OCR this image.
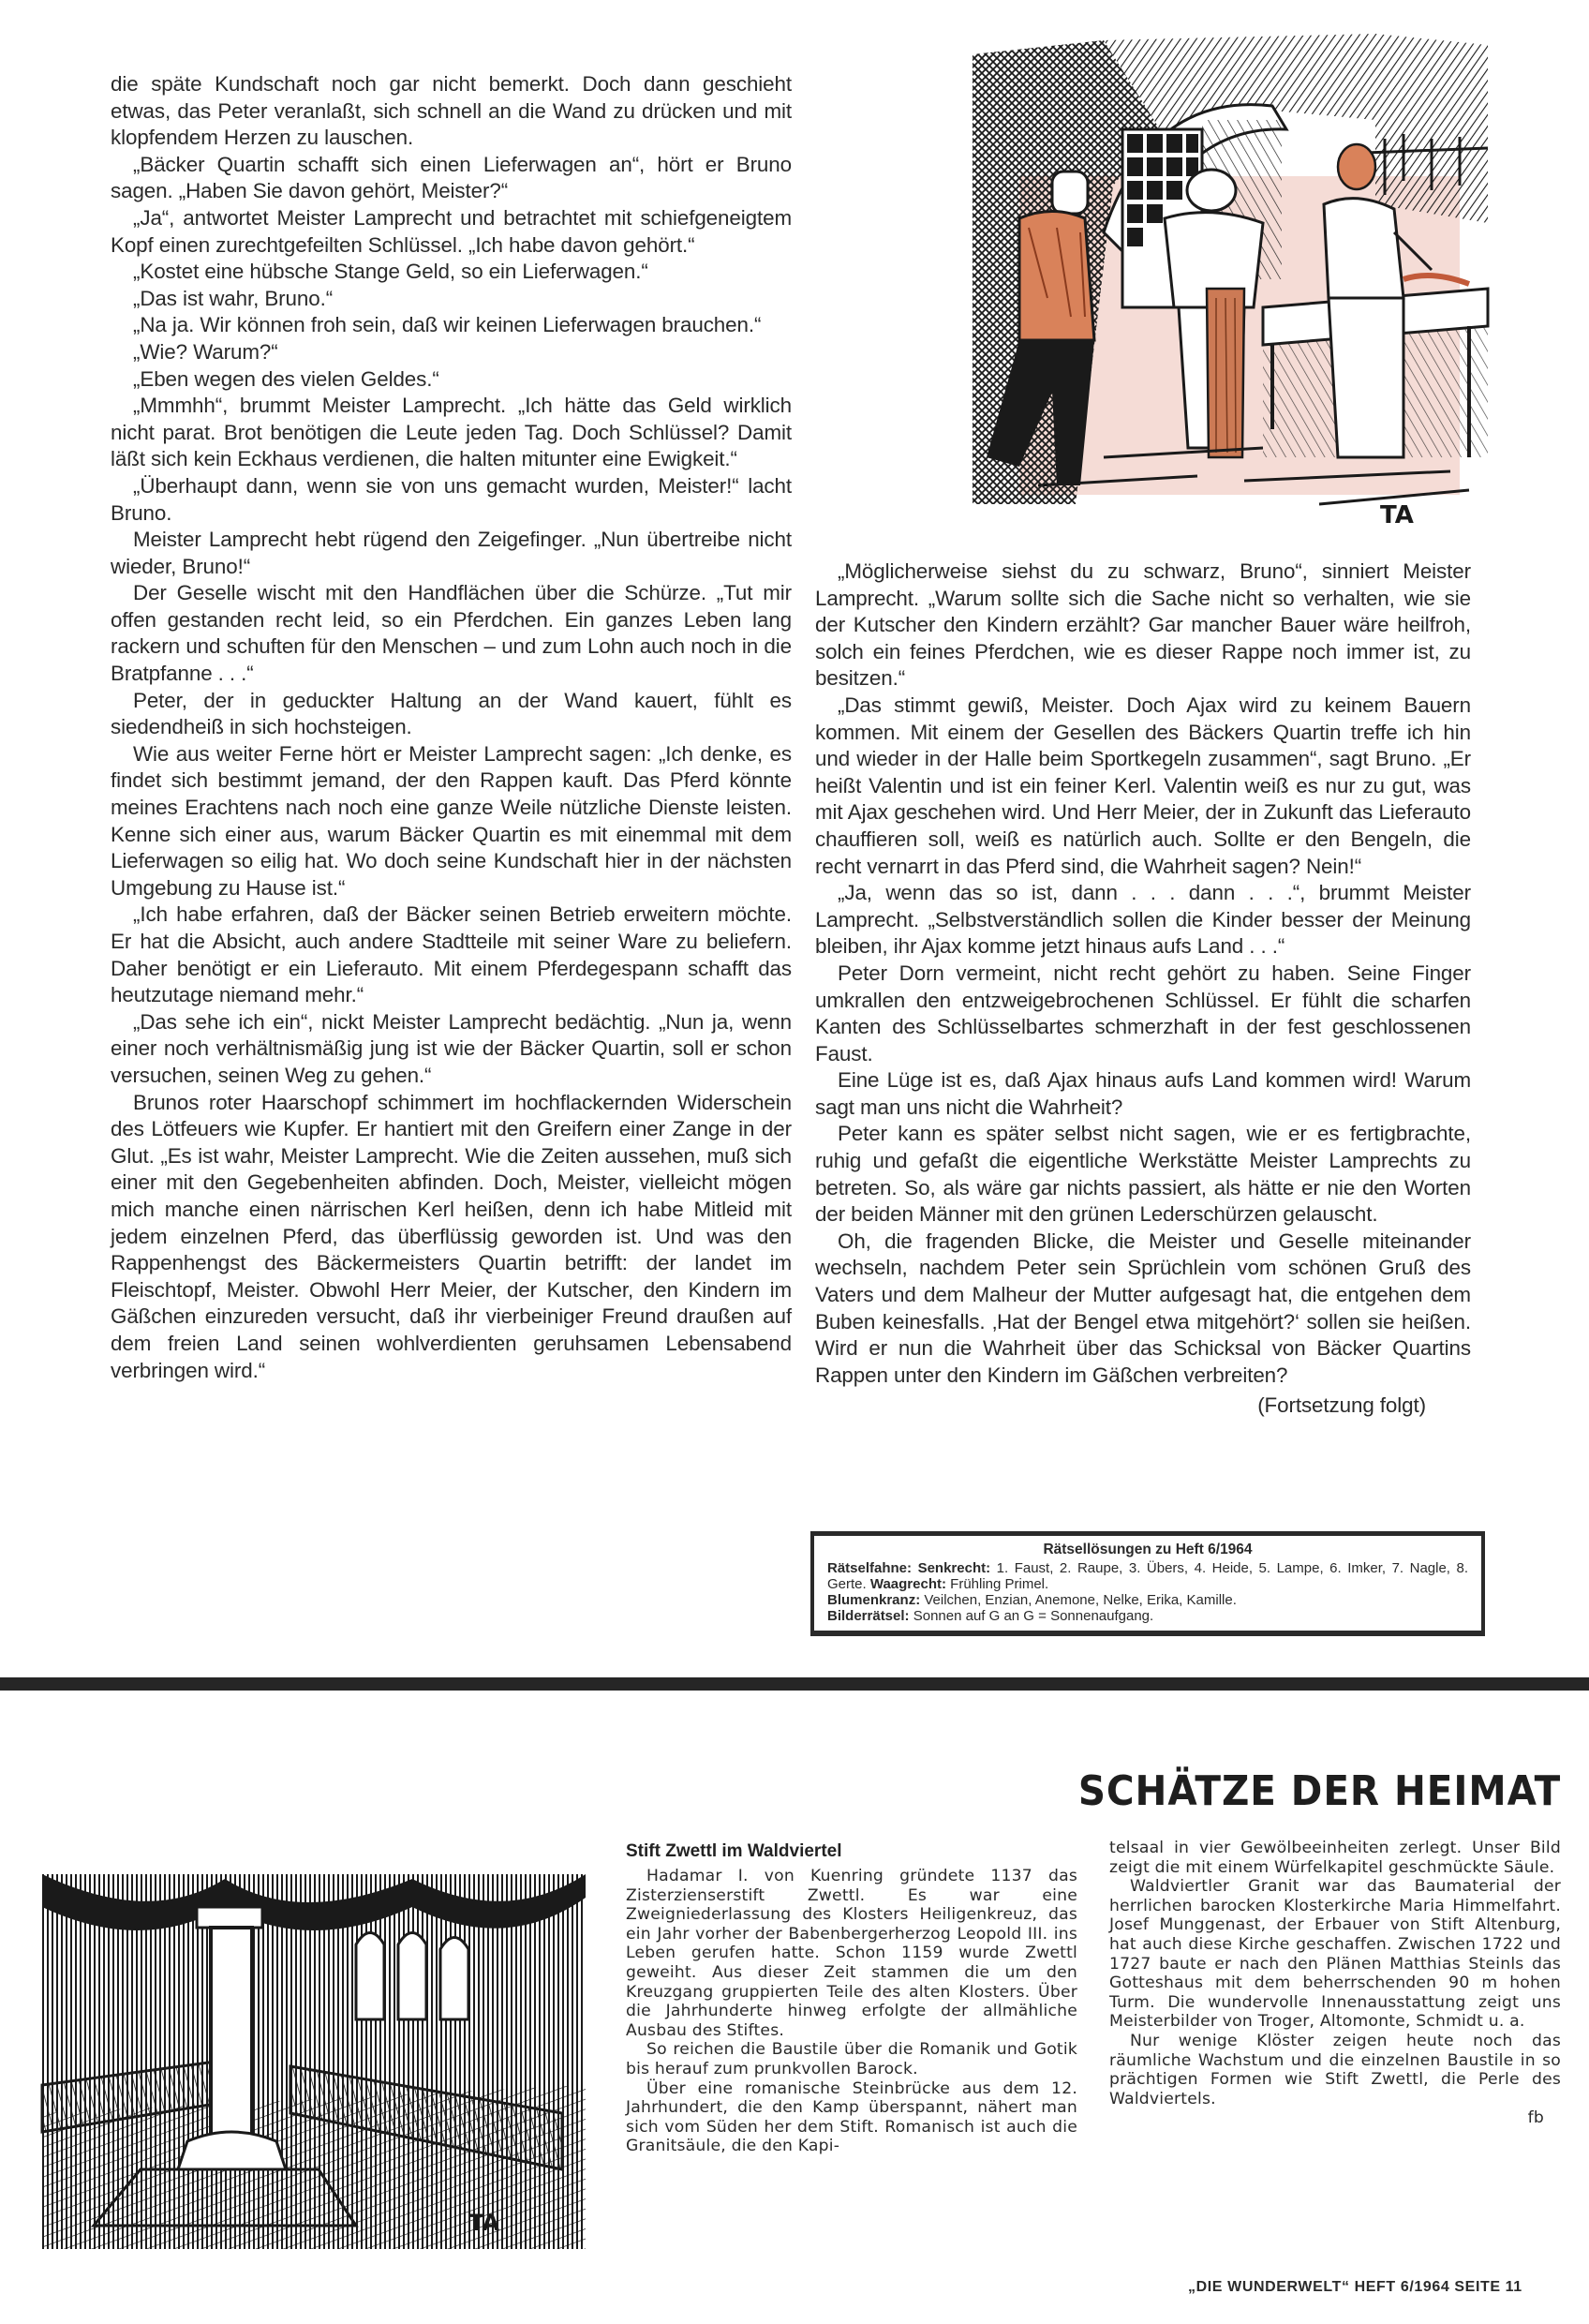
die späte Kundschaft noch gar nicht bemerkt. Doch dann geschieht etwas, das Peter veranlaßt, sich schnell an die Wand zu drücken und mit klopfendem Herzen zu lauschen.

„Bäcker Quartin schafft sich einen Lieferwagen an“, hört er Bruno sagen. „Haben Sie davon gehört, Meister?“

„Ja“, antwortet Meister Lamprecht und betrachtet mit schiefgeneigtem Kopf einen zurechtgefeilten Schlüssel. „Ich habe davon gehört.“

„Kostet eine hübsche Stange Geld, so ein Lieferwagen.“

„Das ist wahr, Bruno.“

„Na ja. Wir können froh sein, daß wir keinen Lieferwagen brauchen.“

„Wie? Warum?“

„Eben wegen des vielen Geldes.“

„Mmmhh“, brummt Meister Lamprecht. „Ich hätte das Geld wirklich nicht parat. Brot benötigen die Leute jeden Tag. Doch Schlüssel? Damit läßt sich kein Eckhaus verdienen, die halten mitunter eine Ewigkeit.“

„Überhaupt dann, wenn sie von uns gemacht wurden, Meister!“ lacht Bruno.

Meister Lamprecht hebt rügend den Zeigefinger. „Nun übertreibe nicht wieder, Bruno!“

Der Geselle wischt mit den Handflächen über die Schürze. „Tut mir offen gestanden recht leid, so ein Pferdchen. Ein ganzes Leben lang rackern und schuften für den Menschen – und zum Lohn auch noch in die Bratpfanne . . .“

Peter, der in geduckter Haltung an der Wand kauert, fühlt es siedendheiß in sich hochsteigen.

Wie aus weiter Ferne hört er Meister Lamprecht sagen: „Ich denke, es findet sich bestimmt jemand, der den Rappen kauft. Das Pferd könnte meines Erachtens nach noch eine ganze Weile nützliche Dienste leisten. Kenne sich einer aus, warum Bäcker Quartin es mit einemmal mit dem Lieferwagen so eilig hat. Wo doch seine Kundschaft hier in der nächsten Umgebung zu Hause ist.“

„Ich habe erfahren, daß der Bäcker seinen Betrieb erweitern möchte. Er hat die Absicht, auch andere Stadtteile mit seiner Ware zu beliefern. Daher benötigt er ein Lieferauto. Mit einem Pferdegespann schafft das heutzutage niemand mehr.“

„Das sehe ich ein“, nickt Meister Lamprecht bedächtig. „Nun ja, wenn einer noch verhältnismäßig jung ist wie der Bäcker Quartin, soll er schon versuchen, seinen Weg zu gehen.“

Brunos roter Haarschopf schimmert im hochflackernden Widerschein des Lötfeuers wie Kupfer. Er hantiert mit den Greifern einer Zange in der Glut. „Es ist wahr, Meister Lamprecht. Wie die Zeiten aussehen, muß sich einer mit den Gegebenheiten abfinden. Doch, Meister, vielleicht mögen mich manche einen närrischen Kerl heißen, denn ich habe Mitleid mit jedem einzelnen Pferd, das überflüssig geworden ist. Und was den Rappenhengst des Bäckermeisters Quartin betrifft: der landet im Fleischtopf, Meister. Obwohl Herr Meier, der Kutscher, den Kindern im Gäßchen einzureden versucht, daß ihr vierbeiniger Freund draußen auf dem freien Land seinen wohlverdienten geruhsamen Lebensabend verbringen wird.“

TA

„Möglicherweise siehst du zu schwarz, Bruno“, sinniert Meister Lamprecht. „Warum sollte sich die Sache nicht so verhalten, wie sie der Kutscher den Kindern erzählt? Gar mancher Bauer wäre heilfroh, solch ein feines Pferdchen, wie es dieser Rappe noch immer ist, zu besitzen.“

„Das stimmt gewiß, Meister. Doch Ajax wird zu keinem Bauern kommen. Mit einem der Gesellen des Bäckers Quartin treffe ich hin und wieder in der Halle beim Sportkegeln zusammen“, sagt Bruno. „Er heißt Valentin und ist ein feiner Kerl. Valentin weiß es nur zu gut, was mit Ajax geschehen wird. Und Herr Meier, der in Zukunft das Lieferauto chauffieren soll, weiß es natürlich auch. Sollte er den Bengeln, die recht vernarrt in das Pferd sind, die Wahrheit sagen? Nein!“

„Ja, wenn das so ist, dann . . . dann . . .“, brummt Meister Lamprecht. „Selbstverständlich sollen die Kinder besser der Meinung bleiben, ihr Ajax komme jetzt hinaus aufs Land . . .“

Peter Dorn vermeint, nicht recht gehört zu haben. Seine Finger umkrallen den entzweigebrochenen Schlüssel. Er fühlt die scharfen Kanten des Schlüsselbartes schmerzhaft in der fest geschlossenen Faust.

Eine Lüge ist es, daß Ajax hinaus aufs Land kommen wird! Warum sagt man uns nicht die Wahrheit?

Peter kann es später selbst nicht sagen, wie er es fertigbrachte, ruhig und gefaßt die eigentliche Werkstätte Meister Lamprechts zu betreten. So, als wäre gar nichts passiert, als hätte er nie den Worten der beiden Männer mit den grünen Lederschürzen gelauscht.

Oh, die fragenden Blicke, die Meister und Geselle miteinander wechseln, nachdem Peter sein Sprüchlein vom schönen Gruß des Vaters und dem Malheur der Mutter aufgesagt hat, die entgehen dem Buben keinesfalls. ‚Hat der Bengel etwa mitgehört?‘ sollen sie heißen. Wird er nun die Wahrheit über das Schicksal von Bäcker Quartins Rappen unter den Kindern im Gäßchen verbreiten?

(Fortsetzung folgt)
Rätsellösungen zu Heft 6/1964
Rätselfahne: Senkrecht: 1. Faust, 2. Raupe, 3. Übers, 4. Heide, 5. Lampe, 6. Imker, 7. Nagle, 8. Gerte. Waagrecht: Frühling Primel.
Blumenkranz: Veilchen, Enzian, Anemone, Nelke, Erika, Kamille.
Bilderrätsel: Sonnen auf G an G = Sonnenaufgang.
TA
SCHÄTZE DER HEIMAT
Stift Zwettl im Waldviertel

Hadamar I. von Kuenring gründete 1137 das Zisterzienserstift Zwettl. Es war eine Zweigniederlassung des Klosters Heiligenkreuz, das ein Jahr vorher der Babenbergerherzog Leopold III. ins Leben gerufen hatte. Schon 1159 wurde Zwettl geweiht. Aus dieser Zeit stammen die um den Kreuzgang gruppierten Teile des alten Klosters. Über die Jahrhunderte hinweg erfolgte der allmähliche Ausbau des Stiftes.

So reichen die Baustile über die Romanik und Gotik bis herauf zum prunkvollen Barock.

Über eine romanische Steinbrücke aus dem 12. Jahrhundert, die den Kamp überspannt, nähert man sich vom Süden her dem Stift. Romanisch ist auch die Granitsäule, die den Kapi-

telsaal in vier Gewölbeeinheiten zerlegt. Unser Bild zeigt die mit einem Würfelkapitel geschmückte Säule.

Waldviertler Granit war das Baumaterial der herrlichen barocken Klosterkirche Maria Himmelfahrt. Josef Munggenast, der Erbauer von Stift Altenburg, hat auch diese Kirche geschaffen. Zwischen 1722 und 1727 baute er nach den Plänen Matthias Steinls das Gotteshaus mit dem beherrschenden 90 m hohen Turm. Die wundervolle Innenausstattung zeigt uns Meisterbilder von Troger, Altomonte, Schmidt u. a.

Nur wenige Klöster zeigen heute noch das räumliche Wachstum und die einzelnen Baustile in so prächtigen Formen wie Stift Zwettl, die Perle des Waldviertels.

fb
„DIE WUNDERWELT“ HEFT 6/1964 SEITE 11
